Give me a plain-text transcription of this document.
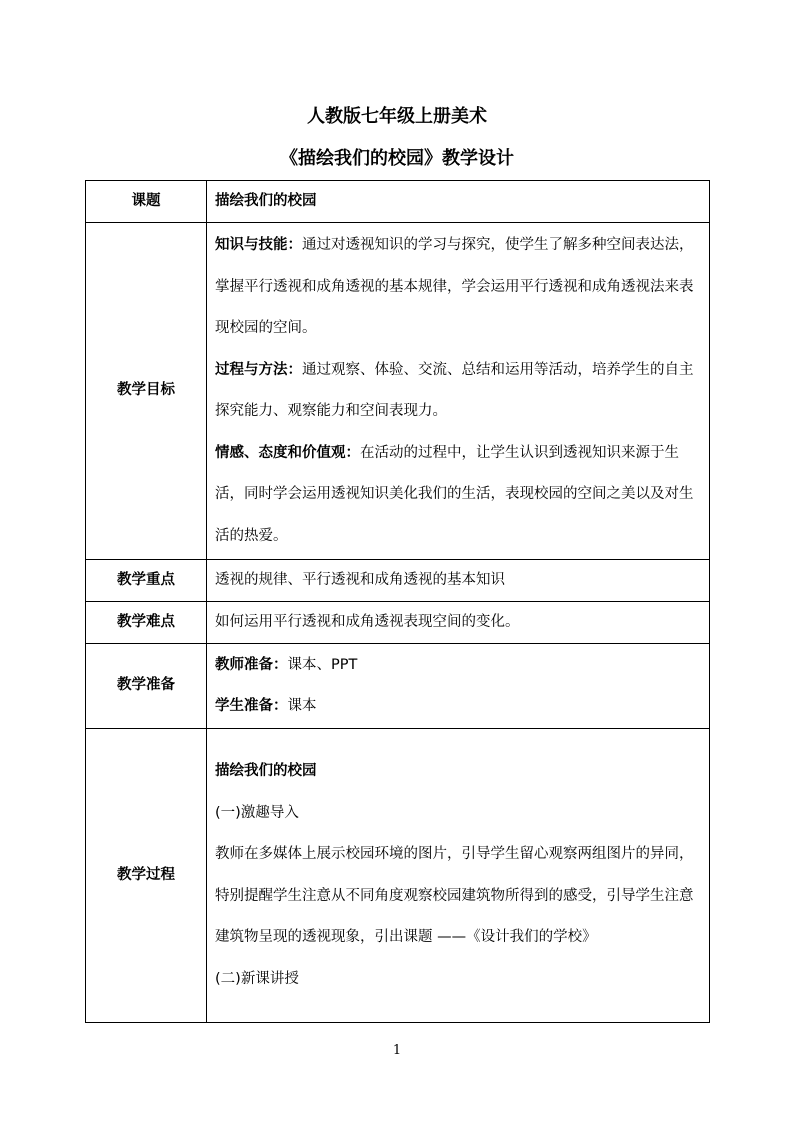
人教版七年级上册美术
《描绘我们的校园》教学设计
课题	描绘我们的校园
教学目标	知识与技能：通过对透视知识的学习与探究，使学生了解多种空间表达法，掌握平行透视和成角透视的基本规律，学会运用平行透视和成角透视法来表现校园的空间。

过程与方法：通过观察、体验、交流、总结和运用等活动，培养学生的自主探究能力、观察能力和空间表现力。

情感、态度和价值观：在活动的过程中，让学生认识到透视知识来源于生活，同时学会运用透视知识美化我们的生活，表现校园的空间之美以及对生活的热爱。

教学重点	透视的规律、平行透视和成角透视的基本知识
教学难点	如何运用平行透视和成角透视表现空间的变化。
教学准备	教师准备：课本、PPT

学生准备：课本

教学过程	描绘我们的校园

(一)激趣导入

教师在多媒体上展示校园环境的图片，引导学生留心观察两组图片的异同，特别提醒学生注意从不同角度观察校园建筑物所得到的感受，引导学生注意建筑物呈现的透视现象，引出课题 ——《设计我们的学校》

(二)新课讲授

1
